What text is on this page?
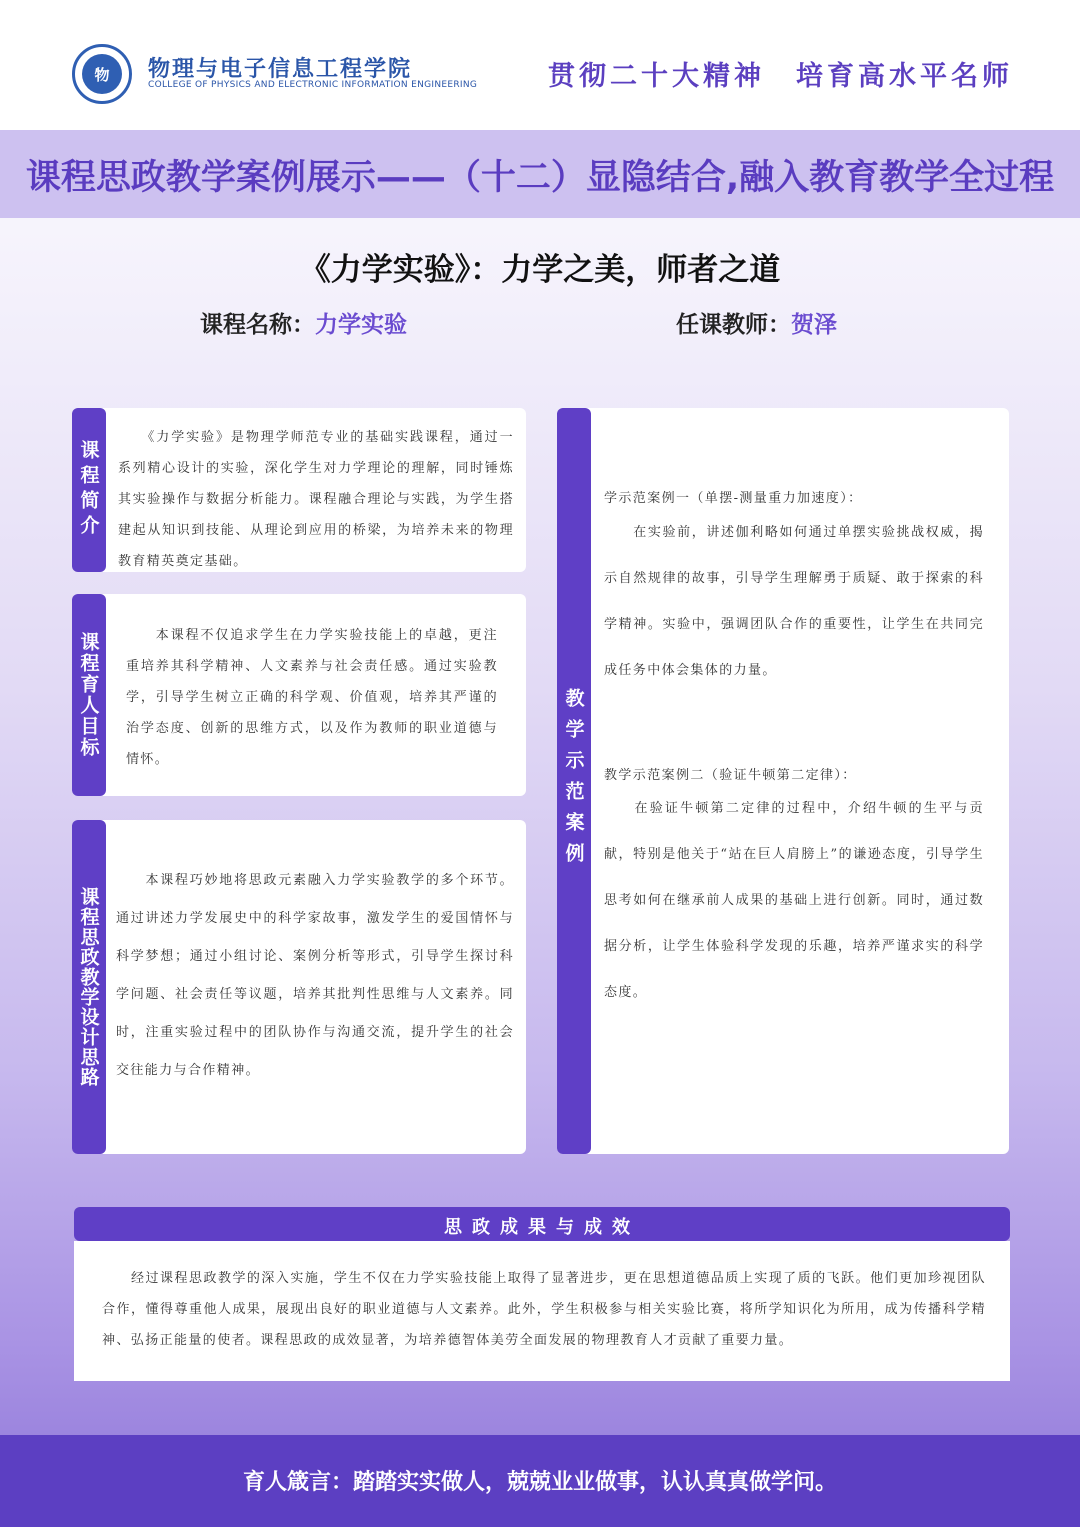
物	物理与电子信息工程学院
COLLEGE OF PHYSICS AND ELECTRONIC INFORMATION ENGINEERING	贯彻二十大精神　培育高水平名师
课程思政教学案例展示——（十二）显隐结合,融入教育教学全过程
《力学实验》：力学之美，师者之道
课程名称：力学实验	任课教师：贺泽
课程简介
　　《力学实验》是物理学师范专业的基础实践课程，通过一系列精心设计的实验，深化学生对力学理论的理解，同时锤炼其实验操作与数据分析能力。课程融合理论与实践，为学生搭建起从知识到技能、从理论到应用的桥梁，为培养未来的物理教育精英奠定基础。
课程育人目标 　　本课程不仅追求学生在力学实验技能上的卓越，更注重培养其科学精神、人文素养与社会责任感。通过实验教学，引导学生树立正确的科学观、价值观，培养其严谨的治学态度、创新的思维方式，以及作为教师的职业道德与情怀。
课程思政教学设计思路
　　本课程巧妙地将思政元素融入力学实验教学的多个环节。通过讲述力学发展史中的科学家故事，激发学生的爱国情怀与科学梦想；通过小组讨论、案例分析等形式，引导学生探讨科学问题、社会责任等议题，培养其批判性思维与人文素养。同时，注重实验过程中的团队协作与沟通交流，提升学生的社会交往能力与合作精神。
教学示范案例
学示范案例一（单摆-测量重力加速度）：
　　在实验前，讲述伽利略如何通过单摆实验挑战权威，揭示自然规律的故事，引导学生理解勇于质疑、敢于探索的科学精神。实验中，强调团队合作的重要性，让学生在共同完成任务中体会集体的力量。
教学示范案例二（验证牛顿第二定律）：
　　在验证牛顿第二定律的过程中，介绍牛顿的生平与贡献，特别是他关于“站在巨人肩膀上”的谦逊态度，引导学生思考如何在继承前人成果的基础上进行创新。同时，通过数据分析，让学生体验科学发现的乐趣，培养严谨求实的科学态度。
思政成果与成效
　　经过课程思政教学的深入实施，学生不仅在力学实验技能上取得了显著进步，更在思想道德品质上实现了质的飞跃。他们更加珍视团队合作，懂得尊重他人成果，展现出良好的职业道德与人文素养。此外，学生积极参与相关实验比赛，将所学知识化为所用，成为传播科学精神、弘扬正能量的使者。课程思政的成效显著，为培养德智体美劳全面发展的物理教育人才贡献了重要力量。
育人箴言：踏踏实实做人，兢兢业业做事，认认真真做学问。
